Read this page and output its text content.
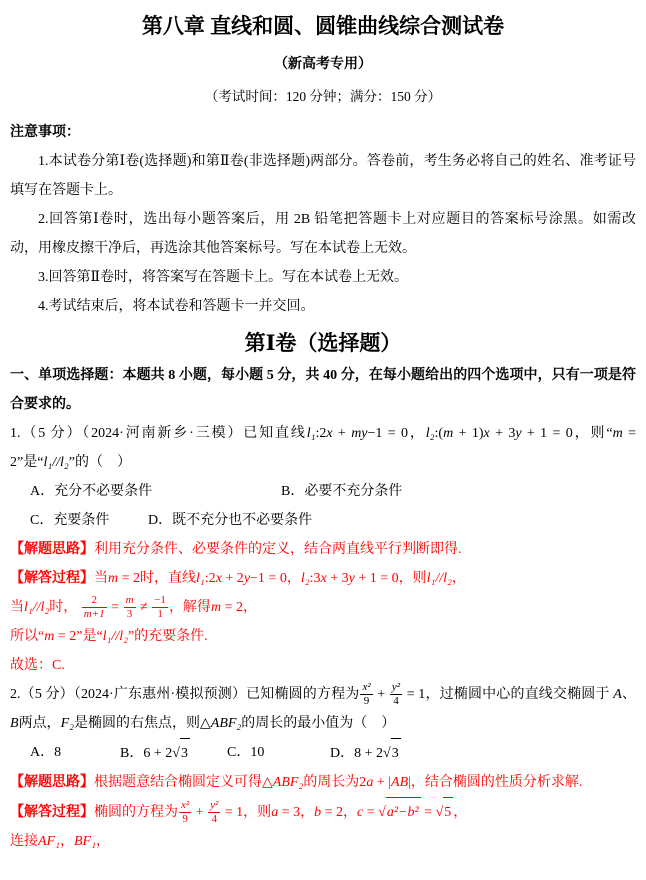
第八章 直线和圆、圆锥曲线综合测试卷
（新高考专用）
（考试时间：120 分钟；满分：150 分）
注意事项：

1.本试卷分第Ⅰ卷(选择题)和第Ⅱ卷(非选择题)两部分。答卷前，考生务必将自己的姓名、准考证号填写在答题卡上。

2.回答第Ⅰ卷时，选出每小题答案后，用 2B 铅笔把答题卡上对应题目的答案标号涂黑。如需改动，用橡皮擦干净后，再选涂其他答案标号。写在本试卷上无效。

3.回答第Ⅱ卷时，将答案写在答题卡上。写在本试卷上无效。

4.考试结束后，将本试卷和答题卡一并交回。

第Ⅰ卷（选择题）

一、单项选择题：本题共 8 小题，每小题 5 分，共 40 分，在每小题给出的四个选项中，只有一项是符合要求的。

1.（5 分）（2024·河南新乡·三模）已知直线l₁:2x + my−1 = 0，l₂:(m + 1)x + 3y + 1 = 0，则“m = 2”是“l₁//l₂”的（　）

A．充分不必要条件	B．必要不充分条件
C．充要条件	D．既不充分也不必要条件

【解题思路】利用充分条件、必要条件的定义，结合两直线平行判断即得.

【解答过程】当m = 2时，直线l₁:2x + 2y−1 = 0，l₂:3x + 3y + 1 = 0，则l₁//l₂，

当l₁//l₂时， $\frac{2}{m+1} = \frac{m}{3} \ne \frac{-1}{1}$ ，解得m = 2，

所以“m = 2”是“l₁//l₂”的充要条件.

故选：C.

2.（5 分）（2024·广东惠州·模拟预测）已知椭圆的方程为 $\frac{\text{x²}}{9} + \frac{\text{y²}}{4} = 1$，过椭圆中心的直线交椭圆于 A、B两点，F₂是椭圆的右焦点，则△ABF₂的周长的最小值为（　）

A．8	B．6 + 2√3	C．10	D．8 + 2√3

【解题思路】根据题意结合椭圆定义可得△ABF₂的周长为2a + |AB|，结合椭圆的性质分析求解.

【解答过程】椭圆的方程为 $\frac{\text{x²}}{9} + \frac{\text{y²}}{4} = 1$，则a = 3，b = 2，c = √a²−b² = √5 ，

连接AF₁，BF₁，
